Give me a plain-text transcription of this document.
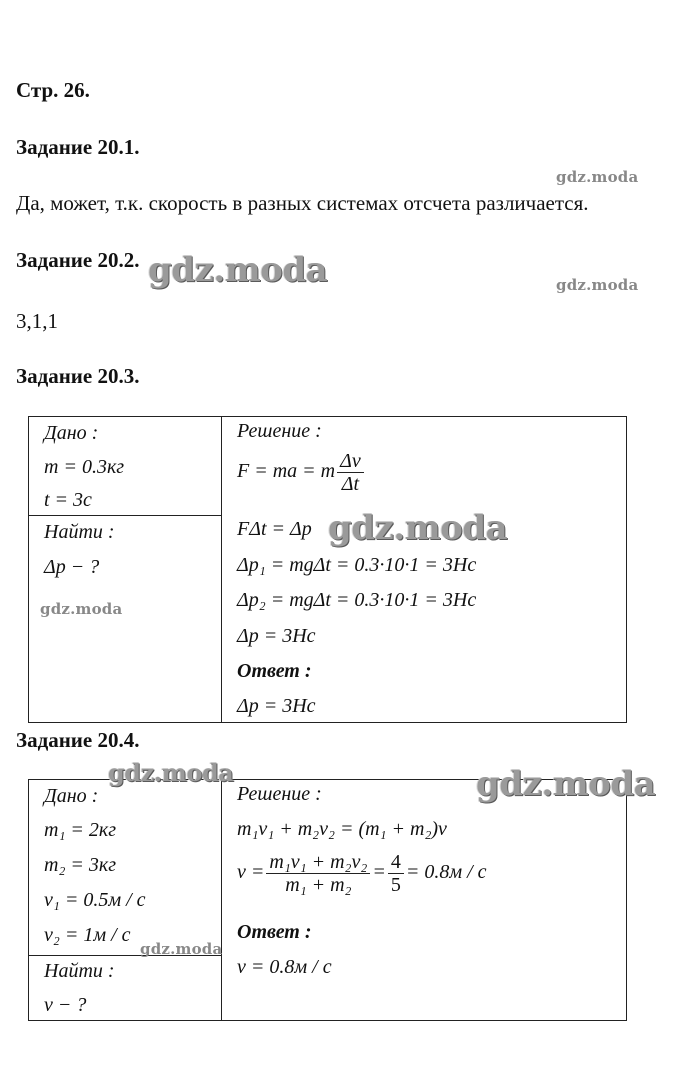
Стр. 26.
Задание 20.1.
Да, может, т.к. скорость в разных системах отсчета различается.
Задание 20.2.
3,1,1
Задание 20.3.
Дано :
m = 0.3кг
t = 3c
Найти :
Δp − ?
Решение :
F = ma = m $\frac{\Delta v}{\Delta t}$
FΔt = Δp
Δp₁ = mgΔt = 0.3·10·1 = 3Hc
Δp₂ = mgΔt = 0.3·10·1 = 3Hc
Δp = 3Hc
Ответ :
Δp = 3Hc
Задание 20.4.
Дано :
m₁ = 2кг
m₂ = 3кг
v₁ = 0.5м / c
v₂ = 1м / c
Найти :
v − ?
Решение :
m₁v₁ + m₂v₂ = (m₁ + m₂)v
$v = \frac{\text{m₁v₁ + m₂v₂}}{\text{m₁ + m₂}} = \frac{4}{5} = 0.8м / c$
Ответ :
v = 0.8м / c
gdz.moda
gdz.moda	gdz.moda
gdz.moda
gdz.moda
gdz.moda	gdz.moda
gdz.moda
